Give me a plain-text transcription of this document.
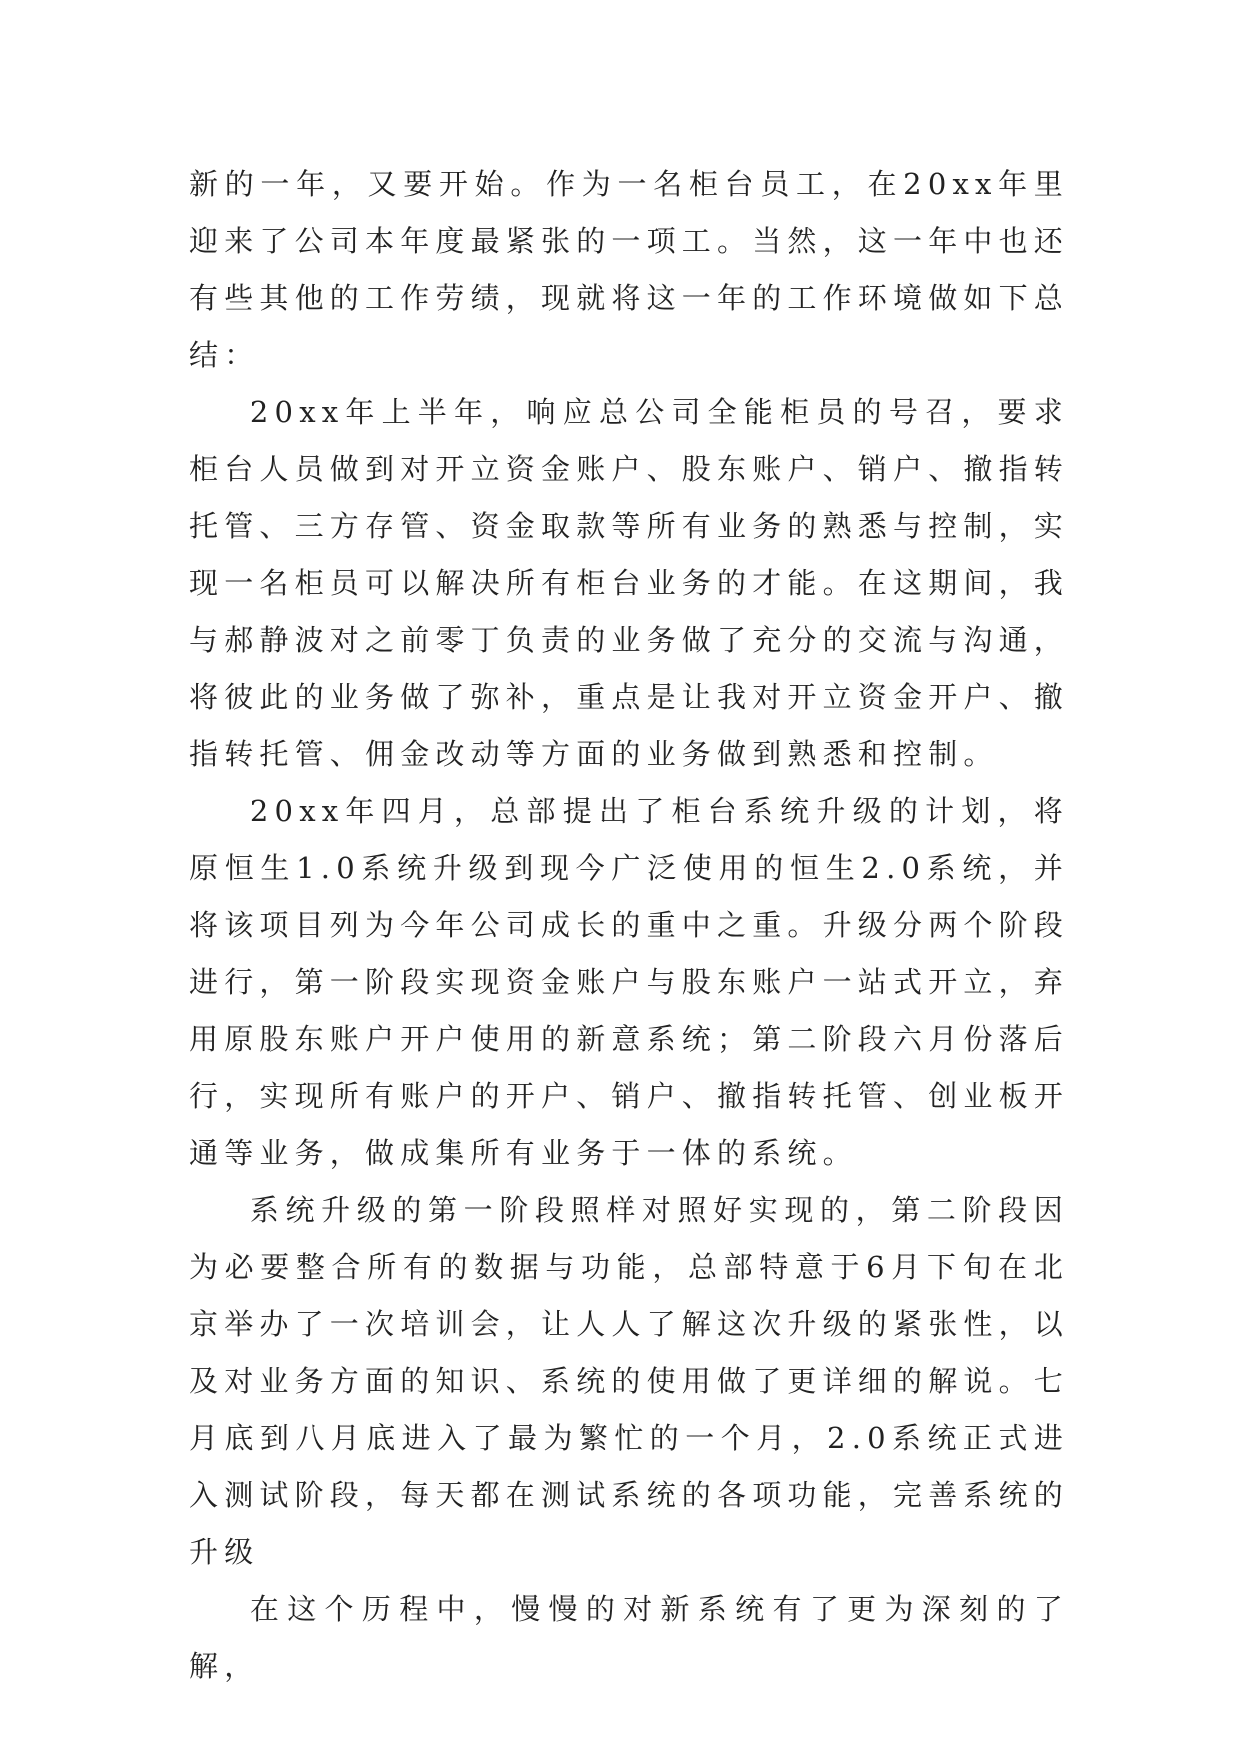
新的一年，又要开始。作为一名柜台员工，在20xx年里迎来了公司本年度最紧张的一项工。当然，这一年中也还有些其他的工作劳绩，现就将这一年的工作环境做如下总结：

20xx年上半年，响应总公司全能柜员的号召，要求柜台人员做到对开立资金账户、股东账户、销户、撤指转托管、三方存管、资金取款等所有业务的熟悉与控制，实现一名柜员可以解决所有柜台业务的才能。在这期间，我与郝静波对之前零丁负责的业务做了充分的交流与沟通，将彼此的业务做了弥补，重点是让我对开立资金开户、撤指转托管、佣金改动等方面的业务做到熟悉和控制。

20xx年四月，总部提出了柜台系统升级的计划，将原恒生1.0系统升级到现今广泛使用的恒生2.0系统，并将该项目列为今年公司成长的重中之重。升级分两个阶段进行，第一阶段实现资金账户与股东账户一站式开立，弃用原股东账户开户使用的新意系统；第二阶段六月份落后行，实现所有账户的开户、销户、撤指转托管、创业板开通等业务，做成集所有业务于一体的系统。

系统升级的第一阶段照样对照好实现的，第二阶段因为必要整合所有的数据与功能，总部特意于6月下旬在北京举办了一次培训会，让人人了解这次升级的紧张性，以及对业务方面的知识、系统的使用做了更详细的解说。七月底到八月底进入了最为繁忙的一个月，2.0系统正式进入测试阶段，每天都在测试系统的各项功能，完善系统的升级

在这个历程中，慢慢的对新系统有了更为深刻的了解，
